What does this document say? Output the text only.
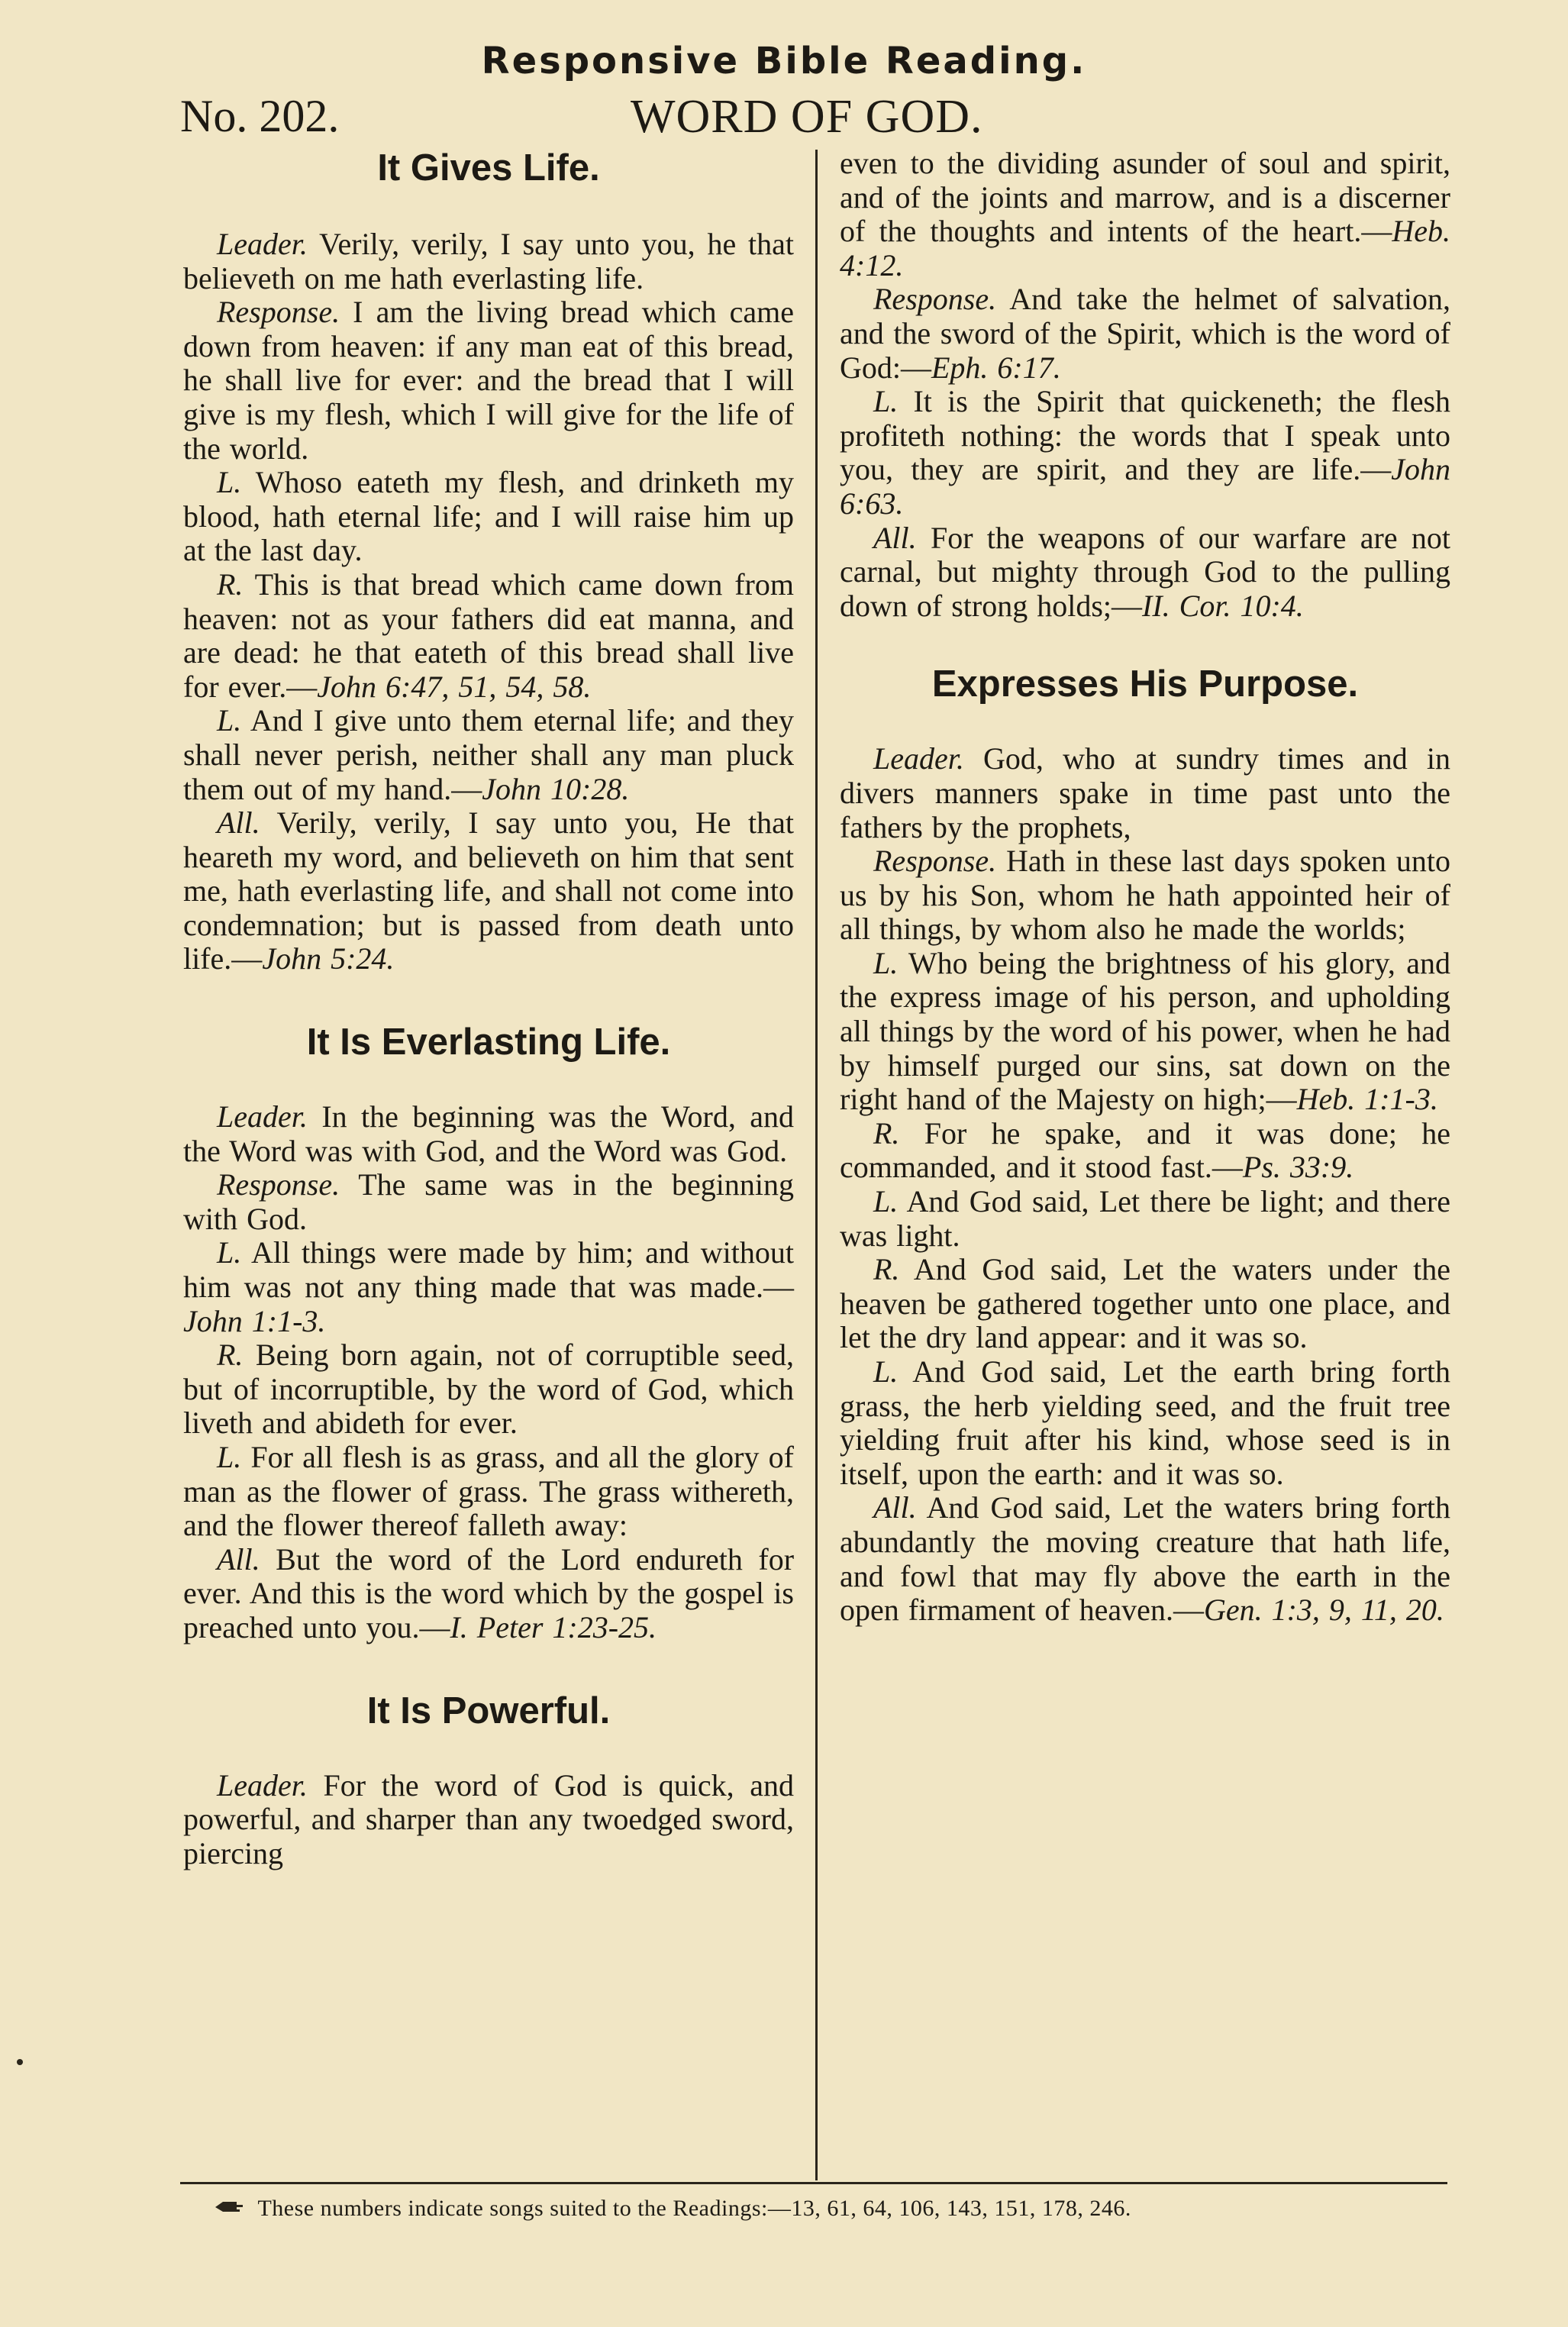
Responsive Bible Reading.
No. 202.	WORD OF GOD.
It Gives Life.

Leader. Verily, verily, I say unto you, he that believeth on me hath everlasting life.

Response. I am the living bread which came down from heaven: if any man eat of this bread, he shall live for ever: and the bread that I will give is my flesh, which I will give for the life of the world.

L. Whoso eateth my flesh, and drinketh my blood, hath eternal life; and I will raise him up at the last day.

R. This is that bread which came down from heaven: not as your fathers did eat manna, and are dead: he that eateth of this bread shall live for ever.—John 6:47, 51, 54, 58.

L. And I give unto them eternal life; and they shall never perish, neither shall any man pluck them out of my hand.—John 10:28.

All. Verily, verily, I say unto you, He that heareth my word, and believeth on him that sent me, hath everlasting life, and shall not come into condemnation; but is passed from death unto life.—John 5:24.

It Is Everlasting Life.

Leader. In the beginning was the Word, and the Word was with God, and the Word was God.

Response. The same was in the beginning with God.

L. All things were made by him; and without him was not any thing made that was made.—John 1:1-3.

R. Being born again, not of corruptible seed, but of incorruptible, by the word of God, which liveth and abideth for ever.

L. For all flesh is as grass, and all the glory of man as the flower of grass. The grass withereth, and the flower thereof falleth away:

All. But the word of the Lord endureth for ever. And this is the word which by the gospel is preached unto you.—I. Peter 1:23-25.

It Is Powerful.

Leader. For the word of God is quick, and powerful, and sharper than any twoedged sword, piercing

even to the dividing asunder of soul and spirit, and of the joints and marrow, and is a discerner of the thoughts and intents of the heart.—Heb. 4:12.

Response. And take the helmet of salvation, and the sword of the Spirit, which is the word of God:—Eph. 6:17.

L. It is the Spirit that quickeneth; the flesh profiteth nothing: the words that I speak unto you, they are spirit, and they are life.—John 6:63.

All. For the weapons of our warfare are not carnal, but mighty through God to the pulling down of strong holds;—II. Cor. 10:4.

Expresses His Purpose.

Leader. God, who at sundry times and in divers manners spake in time past unto the fathers by the prophets,

Response. Hath in these last days spoken unto us by his Son, whom he hath appointed heir of all things, by whom also he made the worlds;

L. Who being the brightness of his glory, and the express image of his person, and upholding all things by the word of his power, when he had by himself purged our sins, sat down on the right hand of the Majesty on high;—Heb. 1:1-3.

R. For he spake, and it was done; he commanded, and it stood fast.—Ps. 33:9.

L. And God said, Let there be light; and there was light.

R. And God said, Let the waters under the heaven be gathered together unto one place, and let the dry land appear: and it was so.

L. And God said, Let the earth bring forth grass, the herb yielding seed, and the fruit tree yielding fruit after his kind, whose seed is in itself, upon the earth: and it was so.

All. And God said, Let the waters bring forth abundantly the moving creature that hath life, and fowl that may fly above the earth in the open firmament of heaven.—Gen. 1:3, 9, 11, 20.

These numbers indicate songs suited to the Readings:—13, 61, 64, 106, 143, 151, 178, 246.
